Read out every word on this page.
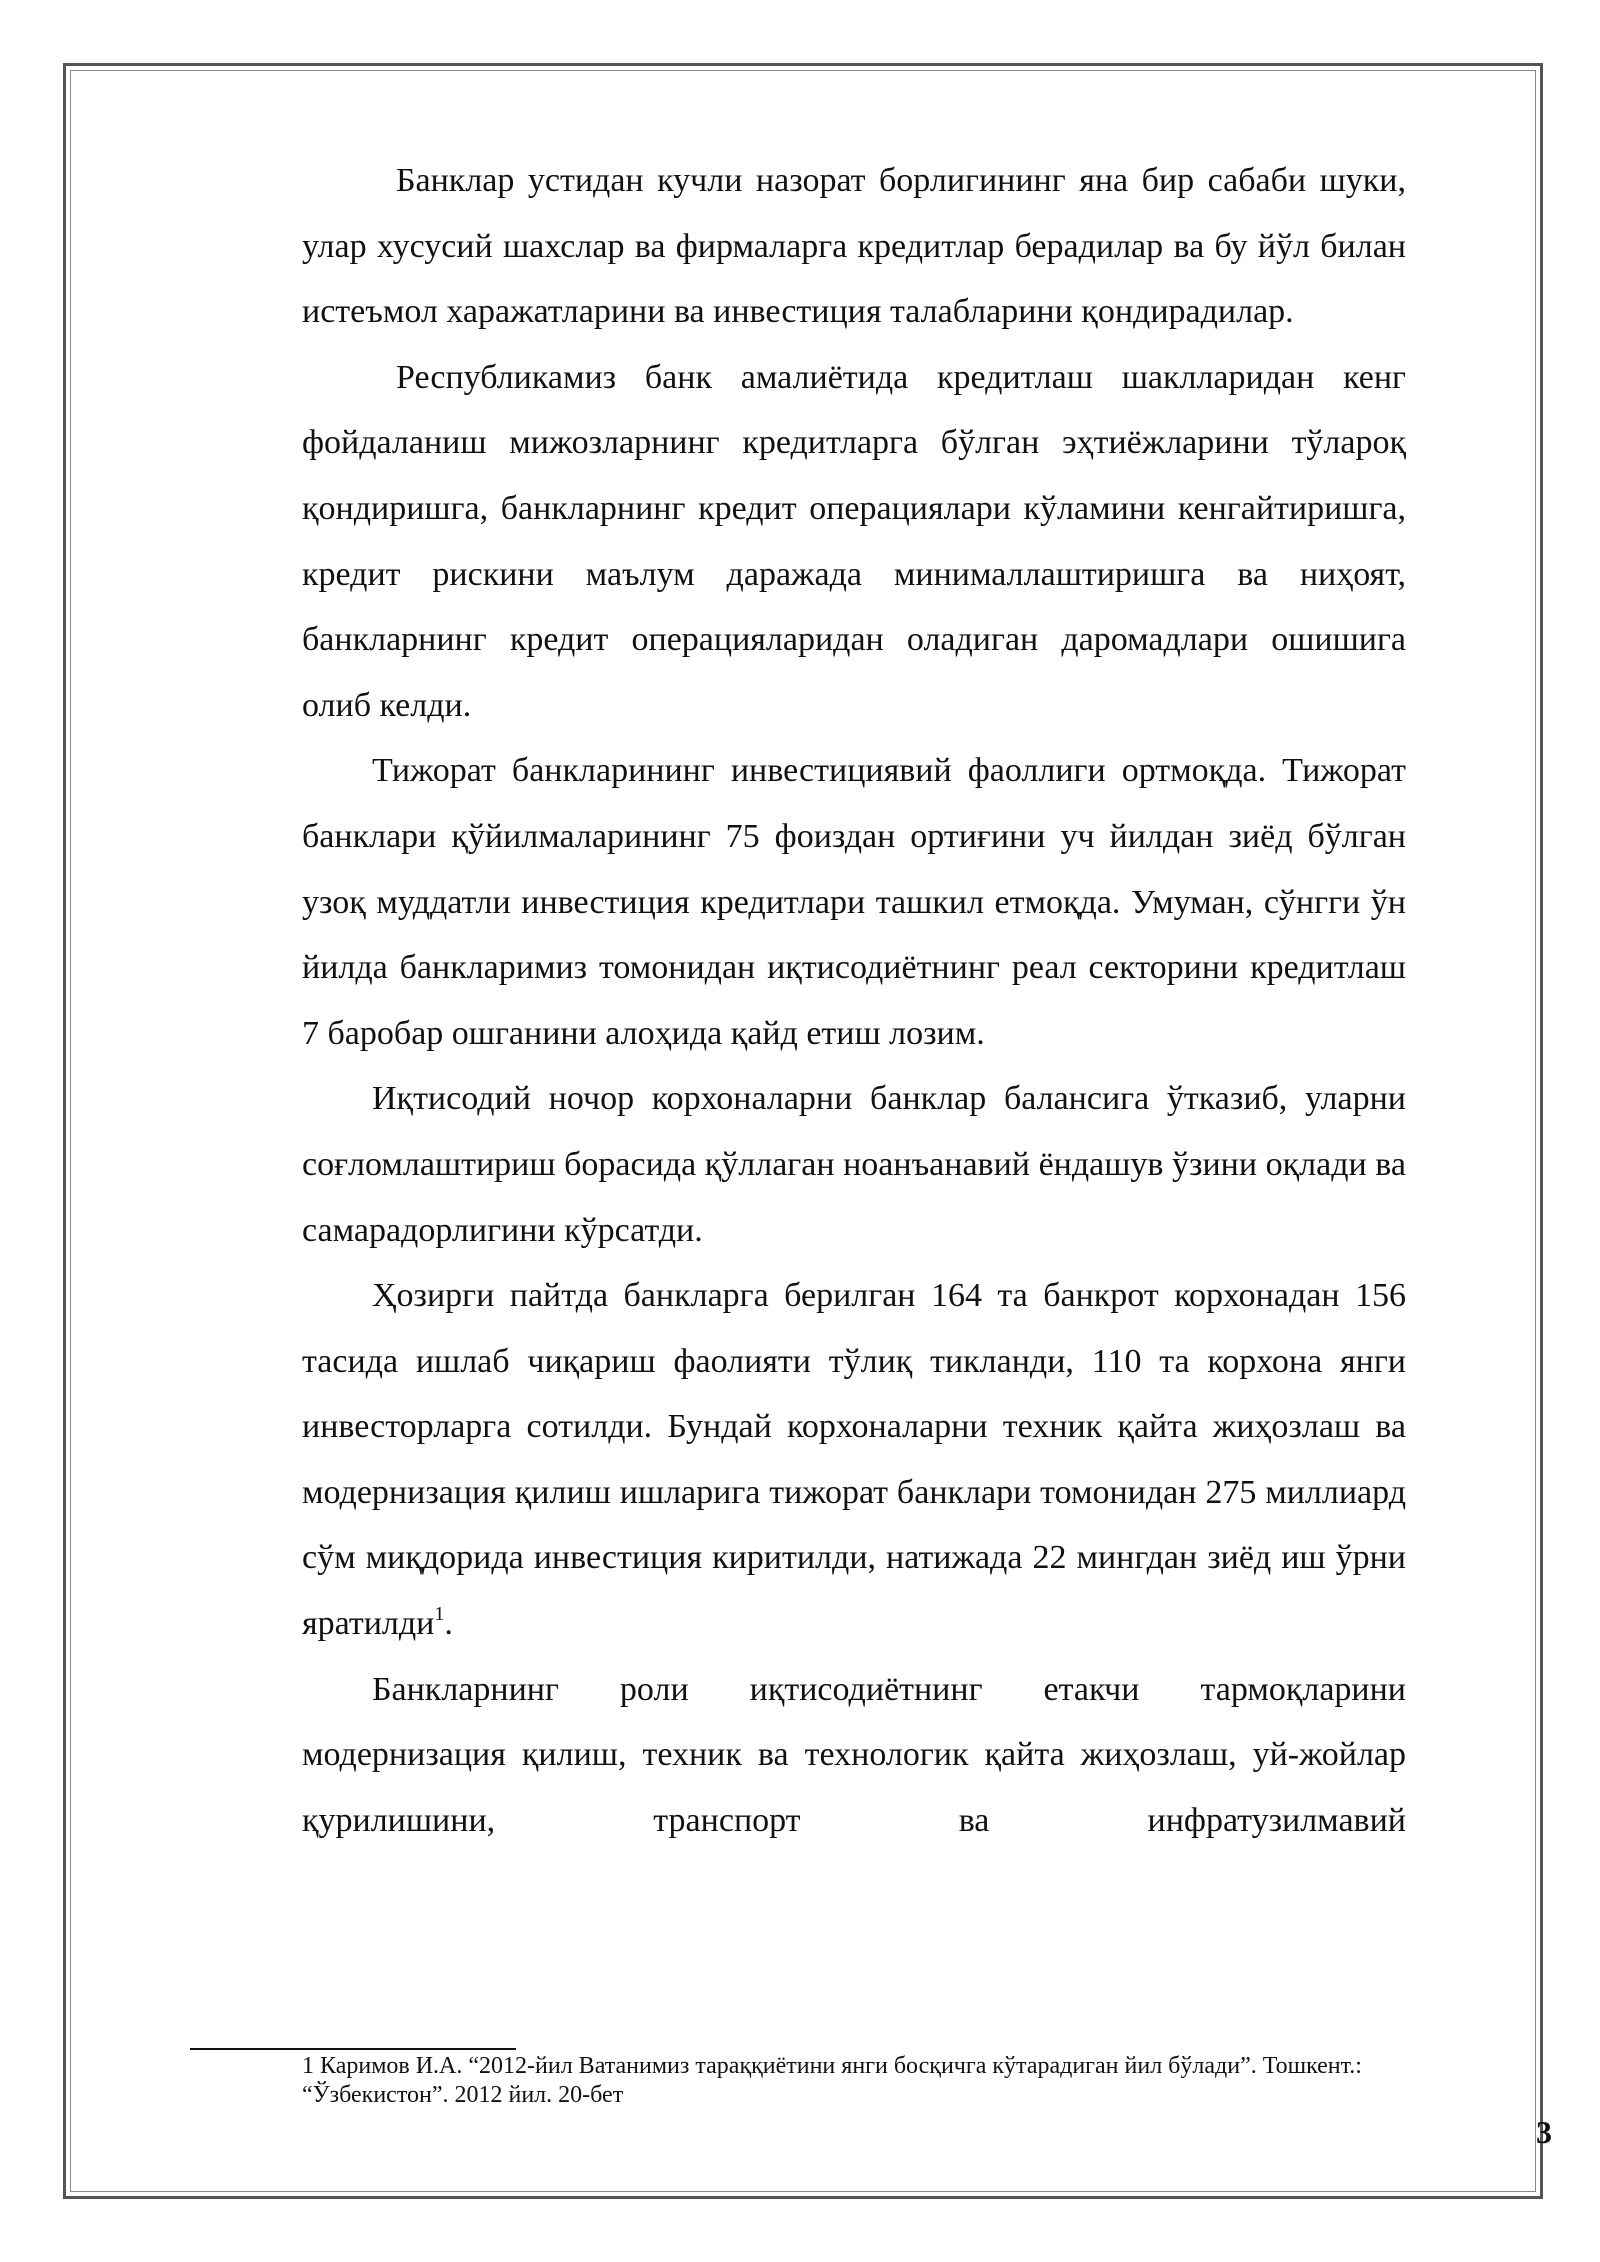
Банклар устидан кучли назорат борлигининг яна бир сабаби шуки, улар хусусий шахслар ва фирмаларга кредитлар берадилар ва бу йўл билан истеъмол харажатларини ва инвестиция талабларини қондирадилар.

Республикамиз банк амалиётида кредитлаш шаклларидан кенг фойдаланиш мижозларнинг кредитларга бўлган эҳтиёжларини тўлароқ қондиришга, банкларнинг кредит операциялари кўламини кенгайтиришга, кредит рискини маълум даражада минималлаштиришга ва ниҳоят, банкларнинг кредит операцияларидан оладиган даромадлари ошишига олиб келди.

Тижорат банкларининг инвестициявий фаоллиги ортмоқда. Тижорат банклари қўйилмаларининг 75 фоиздан ортиғини уч йилдан зиёд бўлган узоқ муддатли инвестиция кредитлари ташкил етмоқда. Умуман, сўнгги ўн йилда банкларимиз томонидан иқтисодиётнинг реал секторини кредитлаш 7 баробар ошганини алоҳида қайд етиш лозим.

Иқтисодий ночор корхоналарни банклар балансига ўтказиб, уларни соғломлаштириш борасида қўллаган ноанъанавий ёндашув ўзини оқлади ва самарадорлигини кўрсатди.

Ҳозирги пайтда банкларга берилган 164 та банкрот корхонадан 156 тасида ишлаб чиқариш фаолияти тўлиқ тикланди, 110 та корхона янги инвесторларга сотилди. Бундай корхоналарни техник қайта жиҳозлаш ва модернизация қилиш ишларига тижорат банклари томонидан 275 миллиард сўм миқдорида инвестиция киритилди, натижада 22 мингдан зиёд иш ўрни яратилди$^1$.

Банкларнинг роли иқтисодиётнинг етакчи тармоқларини модернизация қилиш, техник ва технологик қайта жиҳозлаш, уй-жойлар қурилишини, транспорт ва инфратузилмавий

1 Каримов И.А. “2012-йил Ватанимиз тараққиётини янги босқичга кўтарадиган йил бўлади”. Тошкент.:
“Ўзбекистон”. 2012 йил. 20-бет
3
